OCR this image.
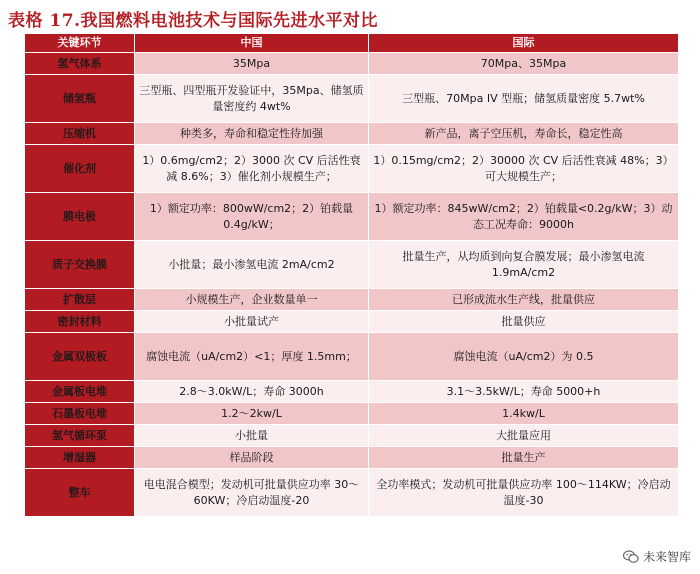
表格 17.我国燃料电池技术与国际先进水平对比
关键环节	中国	国际
氢气体系	35Mpa	70Mpa、35Mpa
储氢瓶	三型瓶、四型瓶开发验证中，35Mpa、储氢质量密度约 4wt%	三型瓶、70Mpa IV 型瓶；储氢质量密度 5.7wt%
压缩机	种类多，寿命和稳定性待加强	新产品，离子空压机，寿命长，稳定性高
催化剂	1）0.6mg/cm2；2）3000 次 CV 后活性衰减 8.6%；3）催化剂小规模生产；	1）0.15mg/cm2；2）30000 次 CV 后活性衰减 48%；3）可大规模生产；
膜电极	1）额定功率：800wW/cm2；2）铂载量 0.4g/kW；	1）额定功率：845wW/cm2；2）铂载量<0.2g/kW；3）动态工况寿命：9000h
质子交换膜	小批量；最小渗氢电流 2mA/cm2	批量生产，从均质到向复合膜发展；最小渗氢电流 1.9mA/cm2
扩散层	小规模生产，企业数量单一	已形成流水生产线，批量供应
密封材料	小批量试产	批量供应
金属双极板	腐蚀电流（uA/cm2）<1；厚度 1.5mm；	腐蚀电流（uA/cm2）为 0.5
金属板电堆	2.8～3.0kW/L；寿命 3000h	3.1～3.5kW/L；寿命 5000+h
石墨板电堆	1.2～2kw/L	1.4kw/L
氢气循环泵	小批量	大批量应用
增湿器	样品阶段	批量生产
整车	电电混合模型；发动机可批量供应功率 30～60KW；冷启动温度-20	全功率模式；发动机可批量供应功率 100～114KW；冷启动温度-30
未来智库
